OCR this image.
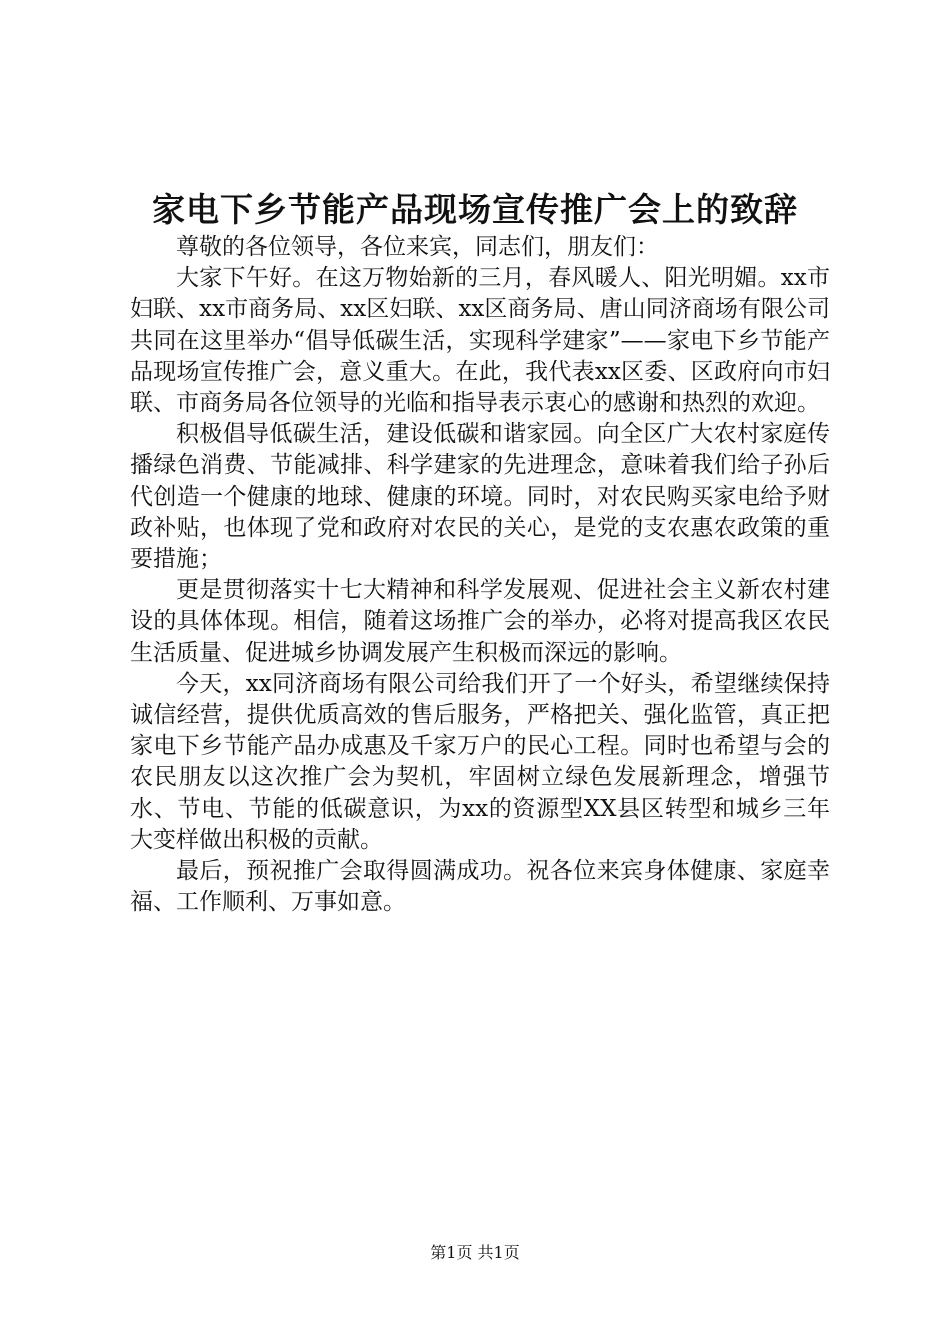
家电下乡节能产品现场宣传推广会上的致辞

尊敬的各位领导，各位来宾，同志们，朋友们：

大家下午好。在这万物始新的三月，春风暖人、阳光明媚。xx市妇联、xx市商务局、xx区妇联、xx区商务局、唐山同济商场有限公司共同在这里举办“倡导低碳生活，实现科学建家”——家电下乡节能产品现场宣传推广会，意义重大。在此，我代表xx区委、区政府向市妇联、市商务局各位领导的光临和指导表示衷心的感谢和热烈的欢迎。

积极倡导低碳生活，建设低碳和谐家园。向全区广大农村家庭传播绿色消费、节能减排、科学建家的先进理念，意味着我们给子孙后代创造一个健康的地球、健康的环境。同时，对农民购买家电给予财政补贴，也体现了党和政府对农民的关心，是党的支农惠农政策的重要措施；

更是贯彻落实十七大精神和科学发展观、促进社会主义新农村建设的具体体现。相信，随着这场推广会的举办，必将对提高我区农民生活质量、促进城乡协调发展产生积极而深远的影响。

今天，xx同济商场有限公司给我们开了一个好头，希望继续保持诚信经营，提供优质高效的售后服务，严格把关、强化监管，真正把家电下乡节能产品办成惠及千家万户的民心工程。同时也希望与会的农民朋友以这次推广会为契机，牢固树立绿色发展新理念，增强节水、节电、节能的低碳意识，为xx的资源型XX县区转型和城乡三年大变样做出积极的贡献。

最后，预祝推广会取得圆满成功。祝各位来宾身体健康、家庭幸福、工作顺利、万事如意。

第1页 共1页
